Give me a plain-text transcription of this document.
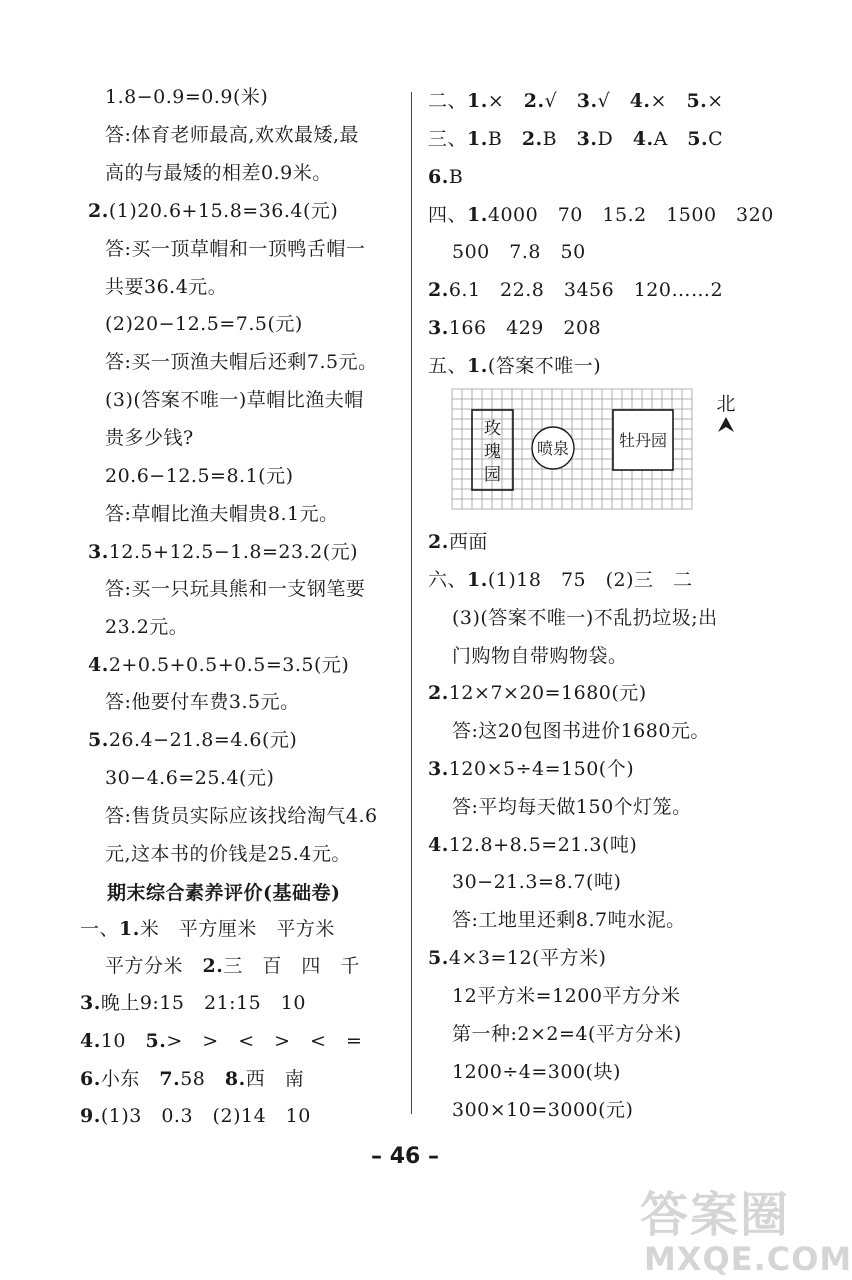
1.8−0.9=0.9(米)
答:体育老师最高,欢欢最矮,最
高的与最矮的相差0.9米。
2.(1)20.6+15.8=36.4(元)
答:买一顶草帽和一顶鸭舌帽一
共要36.4元。
(2)20−12.5=7.5(元)
答:买一顶渔夫帽后还剩7.5元。
(3)(答案不唯一)草帽比渔夫帽
贵多少钱?
20.6−12.5=8.1(元)
答:草帽比渔夫帽贵8.1元。
3.12.5+12.5−1.8=23.2(元)
答:买一只玩具熊和一支钢笔要
23.2元。
4.2+0.5+0.5+0.5=3.5(元)
答:他要付车费3.5元。
5.26.4−21.8=4.6(元)
30−4.6=25.4(元)
答:售货员实际应该找给淘气4.6
元,这本书的价钱是25.4元。
期末综合素养评价(基础卷)
一、1.米　平方厘米　平方米
平方分米　2.三　百　四　千
3.晚上9:15　21:15　10
4.10　5.>　>　<　>　<　=
6.小东　7.58　8.西　南
9.(1)3　0.3　(2)14　10
二、1.×　2.√　3.√　4.×　5.×
三、1.B　2.B　3.D　4.A　5.C
6.B
四、1.4000　70　15.2　1500　320
500　7.8　50
2.6.1　22.8　3456　120……2
3.166　429　208
五、1.(答案不唯一)
2.西面
六、1.(1)18　75　(2)三　二
(3)(答案不唯一)不乱扔垃圾;出
门购物自带购物袋。
2.12×7×20=1680(元)
答:这20包图书进价1680元。
3.120×5÷4=150(个)
答:平均每天做150个灯笼。
4.12.8+8.5=21.3(吨)
30−21.3=8.7(吨)
答:工地里还剩8.7吨水泥。
5.4×3=12(平方米)
12平方米=1200平方分米
第一种:2×2=4(平方分米)
1200÷4=300(块)
300×10=3000(元)
玫
瑰
园
喷泉	牡丹园
北
– 46 –
答案圈
MXQE.COM
